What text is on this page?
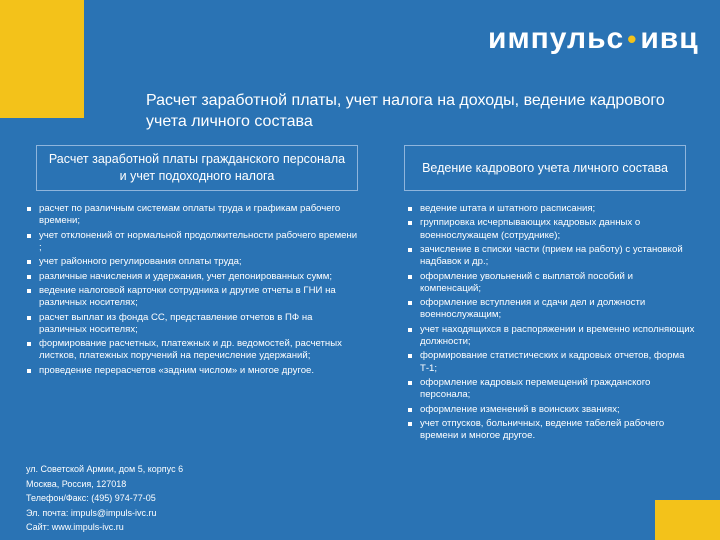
импульс • ивц
Расчет заработной платы, учет налога на доходы, ведение кадрового учета личного состава
Расчет заработной платы гражданского персонала и учет подоходного налога
Ведение кадрового учета личного состава
расчет по различным системам оплаты труда и графикам рабочего времени;
учет отклонений от нормальной продолжительности рабочего времени ;
учет районного регулирования оплаты труда;
различные начисления и удержания, учет депонированных сумм;
ведение налоговой карточки сотрудника и другие отчеты в ГНИ на различных носителях;
расчет выплат из фонда СС, представление отчетов в ПФ на различных носителях;
формирование расчетных, платежных и др. ведомостей, расчетных листков, платежных поручений на перечисление удержаний;
проведение перерасчетов «задним числом» и многое другое.
ведение штата и штатного расписания;
группировка исчерпывающих кадровых данных о военнослужащем (сотруднике);
зачисление в списки части (прием на работу) с установкой надбавок и др.;
оформление увольнений с выплатой пособий и компенсаций;
оформление вступления и сдачи дел и должности военнослужащим;
учет находящихся в распоряжении и временно исполняющих должности;
формирование статистических и кадровых отчетов, форма Т-1;
оформление кадровых перемещений гражданского персонала;
оформление изменений в воинских званиях;
учет отпусков, больничных, ведение табелей рабочего времени и многое другое.
ул. Советской Армии, дом 5, корпус 6
Москва, Россия, 127018
Телефон/Факс: (495) 974-77-05
Эл. почта: impuls@impuls-ivc.ru
Сайт: www.impuls-ivc.ru
